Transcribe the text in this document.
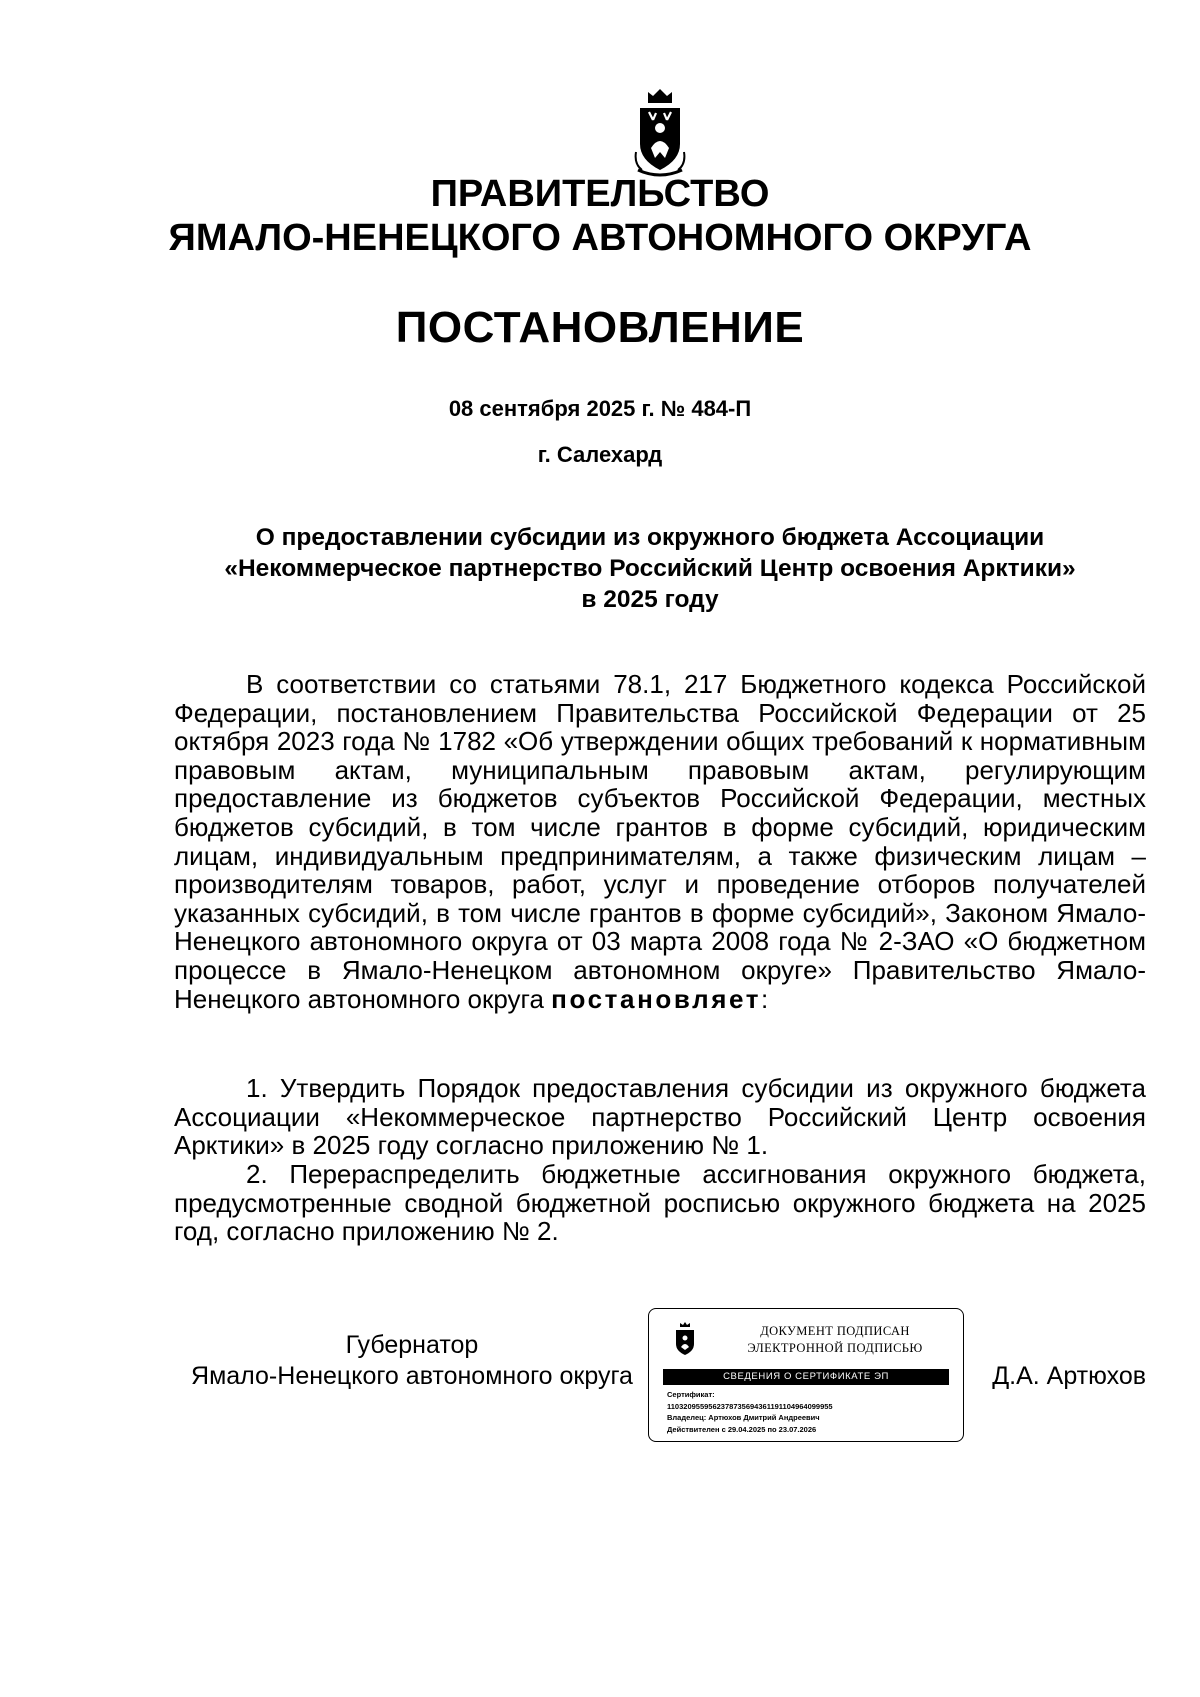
ПРАВИТЕЛЬСТВО
ЯМАЛО-НЕНЕЦКОГО АВТОНОМНОГО ОКРУГА
ПОСТАНОВЛЕНИЕ
08 сентября 2025 г. № 484-П
г. Салехард
О предоставлении субсидии из окружного бюджета Ассоциации
«Некоммерческое партнерство Российский Центр освоения Арктики»
в 2025 году
В соответствии со статьями 78.1, 217 Бюджетного кодекса Российской Федерации, постановлением Правительства Российской Федерации от 25 октября 2023 года № 1782 «Об утверждении общих требований к нормативным правовым актам, муниципальным правовым актам, регулирующим предоставление из бюджетов субъектов Российской Федерации, местных бюджетов субсидий, в том числе грантов в форме субсидий, юридическим лицам, индивидуальным предпринимателям, а также физическим лицам – производителям товаров, работ, услуг и проведение отборов получателей указанных субсидий, в том числе грантов в форме субсидий», Законом Ямало-Ненецкого автономного округа от 03 марта 2008 года № 2-ЗАО «О бюджетном процессе в Ямало-Ненецком автономном округе» Правительство Ямало-Ненецкого автономного округа постановляет:
1. Утвердить Порядок предоставления субсидии из окружного бюджета Ассоциации «Некоммерческое партнерство Российский Центр освоения Арктики» в 2025 году согласно приложению № 1.
2. Перераспределить бюджетные ассигнования окружного бюджета, предусмотренные сводной бюджетной росписью окружного бюджета на 2025 год, согласно приложению № 2.
Губернатор
Ямало-Ненецкого автономного округа
ДОКУМЕНТ ПОДПИСАН
ЭЛЕКТРОННОЙ ПОДПИСЬЮ
СВЕДЕНИЯ О СЕРТИФИКАТЕ ЭП
Сертификат:
1103209559562378735694361191104964099955
Владелец: Артюхов Дмитрий Андреевич
Действителен с 29.04.2025 по 23.07.2026
Д.А. Артюхов
